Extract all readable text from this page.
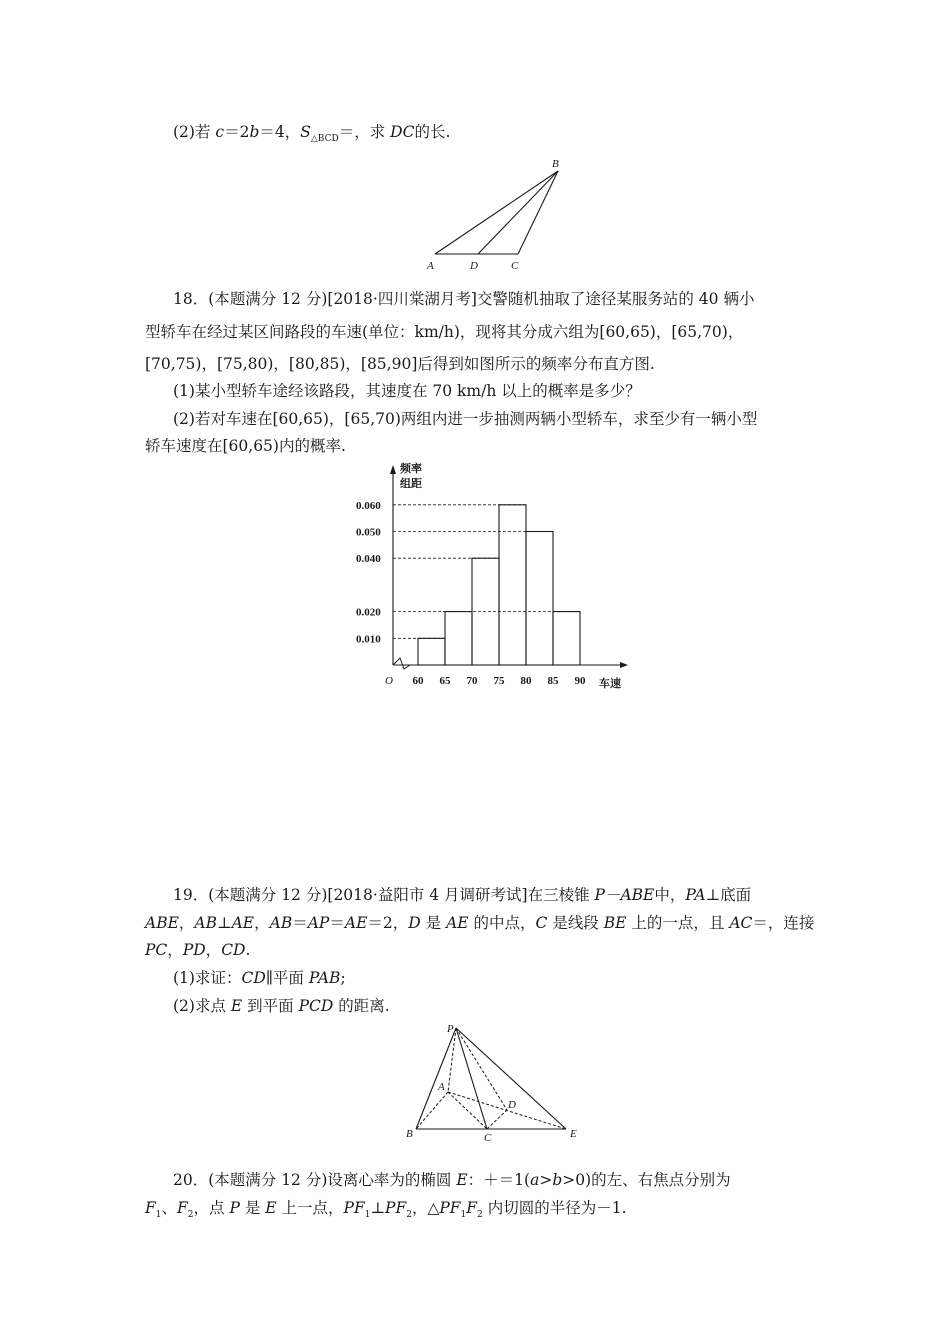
(2)若 c＝2b＝4，$S_{\triangle BCD}=$，求 DC的长.
A	D	C
B
18．(本题满分 12 分)[2018·四川棠湖月考]交警随机抽取了途径某服务站的 40 辆小
型轿车在经过某区间路段的车速(单位：km/h)，现将其分成六组为[60,65)，[65,70)，
[70,75)，[75,80)，[80,85)，[85,90]后得到如图所示的频率分布直方图.
(1)某小型轿车途经该路段，其速度在 70 km/h 以上的概率是多少？
(2)若对车速在[60,65)，[65,70)两组内进一步抽测两辆小型轿车，求至少有一辆小型
轿车速度在[60,65)内的概率.
频率
组距
车速
O
0.060
0.050
0.040
0.020
0.010
60 65 70 75 80 85 90
19．(本题满分 12 分)[2018·益阳市 4 月调研考试]在三棱锥 P－ABE中，PA⊥底面
ABE，AB⊥AE，AB＝AP＝AE＝2，D 是 AE 的中点，C 是线段 BE 上的一点，且 AC＝，连接
PC，PD，CD.
(1)求证：CD∥平面 PAB;
(2)求点 E 到平面 PCD 的距离.
P
A
D
B	C	E
20．(本题满分 12 分)设离心率为的椭圆 E：＋＝1(a>b>0)的左、右焦点分别为
$F_1$、$F_2$，点 P 是 E 上一点，$PF_1\perp PF_2$，$\triangle PF_1F_2$ 内切圆的半径为－1.
